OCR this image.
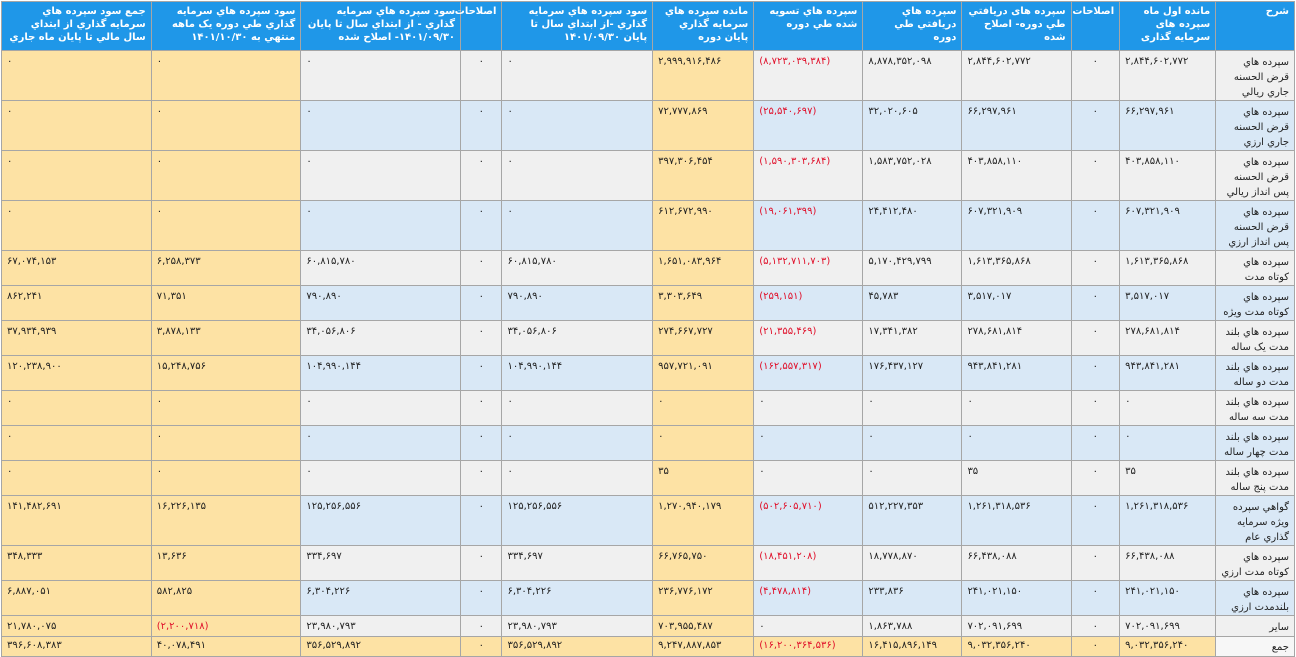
شرح	مانده اول ماه سپرده های سرمایه گذاری	اصلاحات	سپرده های دریافتي طي دوره- اصلاح شده	سپرده هاي دريافتي طي دوره	سپرده هاي تسويه شده طي دوره	مانده سپرده هاي سرمايه گذاري پايان دوره	سود سپرده هاي سرمايه گذاري -از ابتداي سال تا پايان ۱۴۰۱/۰۹/۳۰	اصلاحات	سود سپرده هاي سرمايه گذاري - از ابتداي سال تا پايان ۱۴۰۱/۰۹/۳۰- اصلاح شده	سود سپرده هاي سرمايه گذاري طي دوره يک ماهه منتهي به ۱۴۰۱/۱۰/۳۰	جمع سود سپرده هاي سرمايه گذاري از ابتداي سال مالي تا پايان ماه جاري
سپرده هاي قرض الحسنه جاري ريالي	۲,۸۴۴,۶۰۲,۷۷۲	۰	۲,۸۴۴,۶۰۲,۷۷۲	۸,۸۷۸,۳۵۲,۰۹۸	(۸,۷۲۳,۰۳۹,۳۸۴)	۲,۹۹۹,۹۱۶,۴۸۶	۰	۰	۰	۰	۰
سپرده هاي قرض الحسنه جاري ارزي	۶۶,۲۹۷,۹۶۱	۰	۶۶,۲۹۷,۹۶۱	۳۲,۰۲۰,۶۰۵	(۲۵,۵۴۰,۶۹۷)	۷۲,۷۷۷,۸۶۹	۰	۰	۰	۰	۰
سپرده هاي قرض الحسنه پس انداز ريالي	۴۰۳,۸۵۸,۱۱۰	۰	۴۰۳,۸۵۸,۱۱۰	۱,۵۸۳,۷۵۲,۰۲۸	(۱,۵۹۰,۳۰۳,۶۸۴)	۳۹۷,۳۰۶,۴۵۴	۰	۰	۰	۰	۰
سپرده هاي قرض الحسنه پس انداز ارزي	۶۰۷,۳۲۱,۹۰۹	۰	۶۰۷,۳۲۱,۹۰۹	۲۴,۴۱۲,۴۸۰	(۱۹,۰۶۱,۳۹۹)	۶۱۲,۶۷۲,۹۹۰	۰	۰	۰	۰	۰
سپرده هاي کوتاه مدت	۱,۶۱۳,۳۶۵,۸۶۸	۰	۱,۶۱۳,۳۶۵,۸۶۸	۵,۱۷۰,۴۲۹,۷۹۹	(۵,۱۳۲,۷۱۱,۷۰۳)	۱,۶۵۱,۰۸۳,۹۶۴	۶۰,۸۱۵,۷۸۰	۰	۶۰,۸۱۵,۷۸۰	۶,۲۵۸,۳۷۳	۶۷,۰۷۴,۱۵۳
سپرده هاي کوتاه مدت ويژه	۳,۵۱۷,۰۱۷	۰	۳,۵۱۷,۰۱۷	۴۵,۷۸۳	(۲۵۹,۱۵۱)	۳,۳۰۳,۶۴۹	۷۹۰,۸۹۰	۰	۷۹۰,۸۹۰	۷۱,۳۵۱	۸۶۲,۲۴۱
سپرده هاي بلند مدت يک ساله	۲۷۸,۶۸۱,۸۱۴	۰	۲۷۸,۶۸۱,۸۱۴	۱۷,۳۴۱,۳۸۲	(۲۱,۳۵۵,۴۶۹)	۲۷۴,۶۶۷,۷۲۷	۳۴,۰۵۶,۸۰۶	۰	۳۴,۰۵۶,۸۰۶	۳,۸۷۸,۱۳۳	۳۷,۹۳۴,۹۳۹
سپرده هاي بلند مدت دو ساله	۹۴۳,۸۴۱,۲۸۱	۰	۹۴۳,۸۴۱,۲۸۱	۱۷۶,۴۳۷,۱۲۷	(۱۶۲,۵۵۷,۳۱۷)	۹۵۷,۷۲۱,۰۹۱	۱۰۴,۹۹۰,۱۴۴	۰	۱۰۴,۹۹۰,۱۴۴	۱۵,۲۴۸,۷۵۶	۱۲۰,۲۳۸,۹۰۰
سپرده هاي بلند مدت سه ساله	۰	۰	۰	۰	۰	۰	۰	۰	۰	۰	۰
سپرده هاي بلند مدت چهار ساله	۰	۰	۰	۰	۰	۰	۰	۰	۰	۰	۰
سپرده هاي بلند مدت پنج ساله	۳۵	۰	۳۵	۰	۰	۳۵	۰	۰	۰	۰	۰
گواهي سپرده ويژه سرمايه گذاري عام	۱,۲۶۱,۳۱۸,۵۳۶	۰	۱,۲۶۱,۳۱۸,۵۳۶	۵۱۲,۲۲۷,۳۵۳	(۵۰۲,۶۰۵,۷۱۰)	۱,۲۷۰,۹۴۰,۱۷۹	۱۲۵,۲۵۶,۵۵۶	۰	۱۲۵,۲۵۶,۵۵۶	۱۶,۲۲۶,۱۳۵	۱۴۱,۴۸۲,۶۹۱
سپرده هاي کوتاه مدت ارزي	۶۶,۴۳۸,۰۸۸	۰	۶۶,۴۳۸,۰۸۸	۱۸,۷۷۸,۸۷۰	(۱۸,۴۵۱,۲۰۸)	۶۶,۷۶۵,۷۵۰	۳۳۴,۶۹۷	۰	۳۳۴,۶۹۷	۱۳,۶۳۶	۳۴۸,۳۳۳
سپرده هاي بلندمدت ارزي	۲۴۱,۰۲۱,۱۵۰	۰	۲۴۱,۰۲۱,۱۵۰	۲۳۳,۸۳۶	(۴,۴۷۸,۸۱۴)	۲۳۶,۷۷۶,۱۷۲	۶,۳۰۴,۲۲۶	۰	۶,۳۰۴,۲۲۶	۵۸۲,۸۲۵	۶,۸۸۷,۰۵۱
ساير	۷۰۲,۰۹۱,۶۹۹	۰	۷۰۲,۰۹۱,۶۹۹	۱,۸۶۳,۷۸۸	۰	۷۰۳,۹۵۵,۴۸۷	۲۳,۹۸۰,۷۹۳	۰	۲۳,۹۸۰,۷۹۳	(۲,۲۰۰,۷۱۸)	۲۱,۷۸۰,۰۷۵
جمع	۹,۰۳۲,۳۵۶,۲۴۰	۰	۹,۰۳۲,۳۵۶,۲۴۰	۱۶,۴۱۵,۸۹۶,۱۴۹	(۱۶,۲۰۰,۳۶۴,۵۳۶)	۹,۲۴۷,۸۸۷,۸۵۳	۳۵۶,۵۲۹,۸۹۲	۰	۳۵۶,۵۲۹,۸۹۲	۴۰,۰۷۸,۴۹۱	۳۹۶,۶۰۸,۳۸۳
